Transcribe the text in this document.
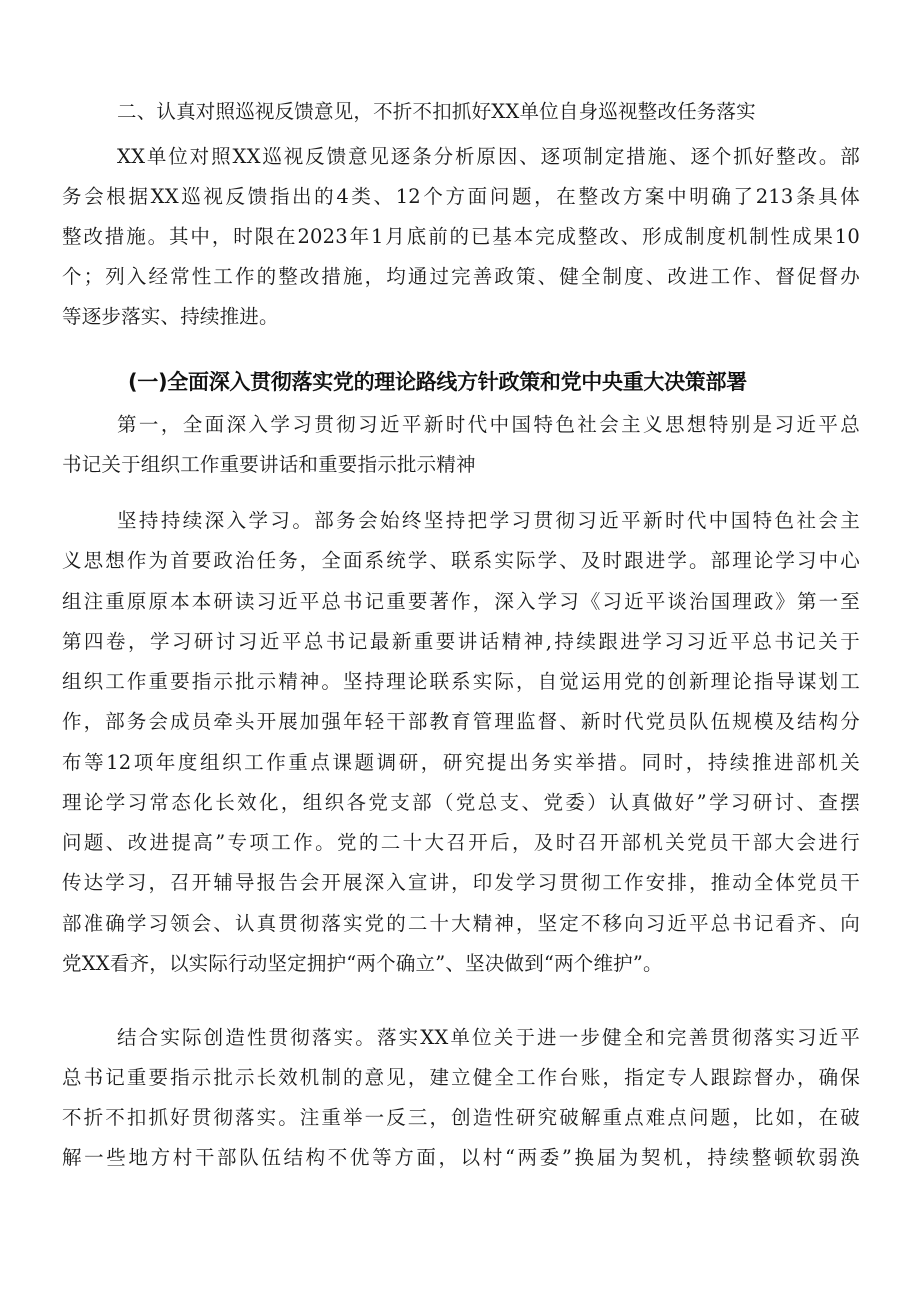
二、认真对照巡视反馈意见，不折不扣抓好XX单位自身巡视整改任务落实
XX单位对照XX巡视反馈意见逐条分析原因、逐项制定措施、逐个抓好整改。部
务会根据XX巡视反馈指出的4类、12个方面问题，在整改方案中明确了213条具体
整改措施。其中，时限在2023年1月底前的已基本完成整改、形成制度机制性成果10
个；列入经常性工作的整改措施，均通过完善政策、健全制度、改进工作、督促督办
等逐步落实、持续推进。
(一)全面深入贯彻落实党的理论路线方针政策和党中央重大决策部署
第一，全面深入学习贯彻习近平新时代中国特色社会主义思想特别是习近平总
书记关于组织工作重要讲话和重要指示批示精神
坚持持续深入学习。部务会始终坚持把学习贯彻习近平新时代中国特色社会主
义思想作为首要政治任务，全面系统学、联系实际学、及时跟进学。部理论学习中心
组注重原原本本研读习近平总书记重要著作，深入学习《习近平谈治国理政》第一至
第四卷，学习研讨习近平总书记最新重要讲话精神,持续跟进学习习近平总书记关于
组织工作重要指示批示精神。坚持理论联系实际，自觉运用党的创新理论指导谋划工
作，部务会成员牵头开展加强年轻干部教育管理监督、新时代党员队伍规模及结构分
布等12项年度组织工作重点课题调研，研究提出务实举措。同时，持续推进部机关
理论学习常态化长效化，组织各党支部（党总支、党委）认真做好”学习研讨、查摆
问题、改进提高”专项工作。党的二十大召开后，及时召开部机关党员干部大会进行
传达学习，召开辅导报告会开展深入宣讲，印发学习贯彻工作安排，推动全体党员干
部准确学习领会、认真贯彻落实党的二十大精神，坚定不移向习近平总书记看齐、向
党XX看齐，以实际行动坚定拥护“两个确立”、坚决做到“两个维护”。
结合实际创造性贯彻落实。落实XX单位关于进一步健全和完善贯彻落实习近平
总书记重要指示批示长效机制的意见，建立健全工作台账，指定专人跟踪督办，确保
不折不扣抓好贯彻落实。注重举一反三，创造性研究破解重点难点问题，比如，在破
解一些地方村干部队伍结构不优等方面，以村“两委”换届为契机，持续整顿软弱涣
